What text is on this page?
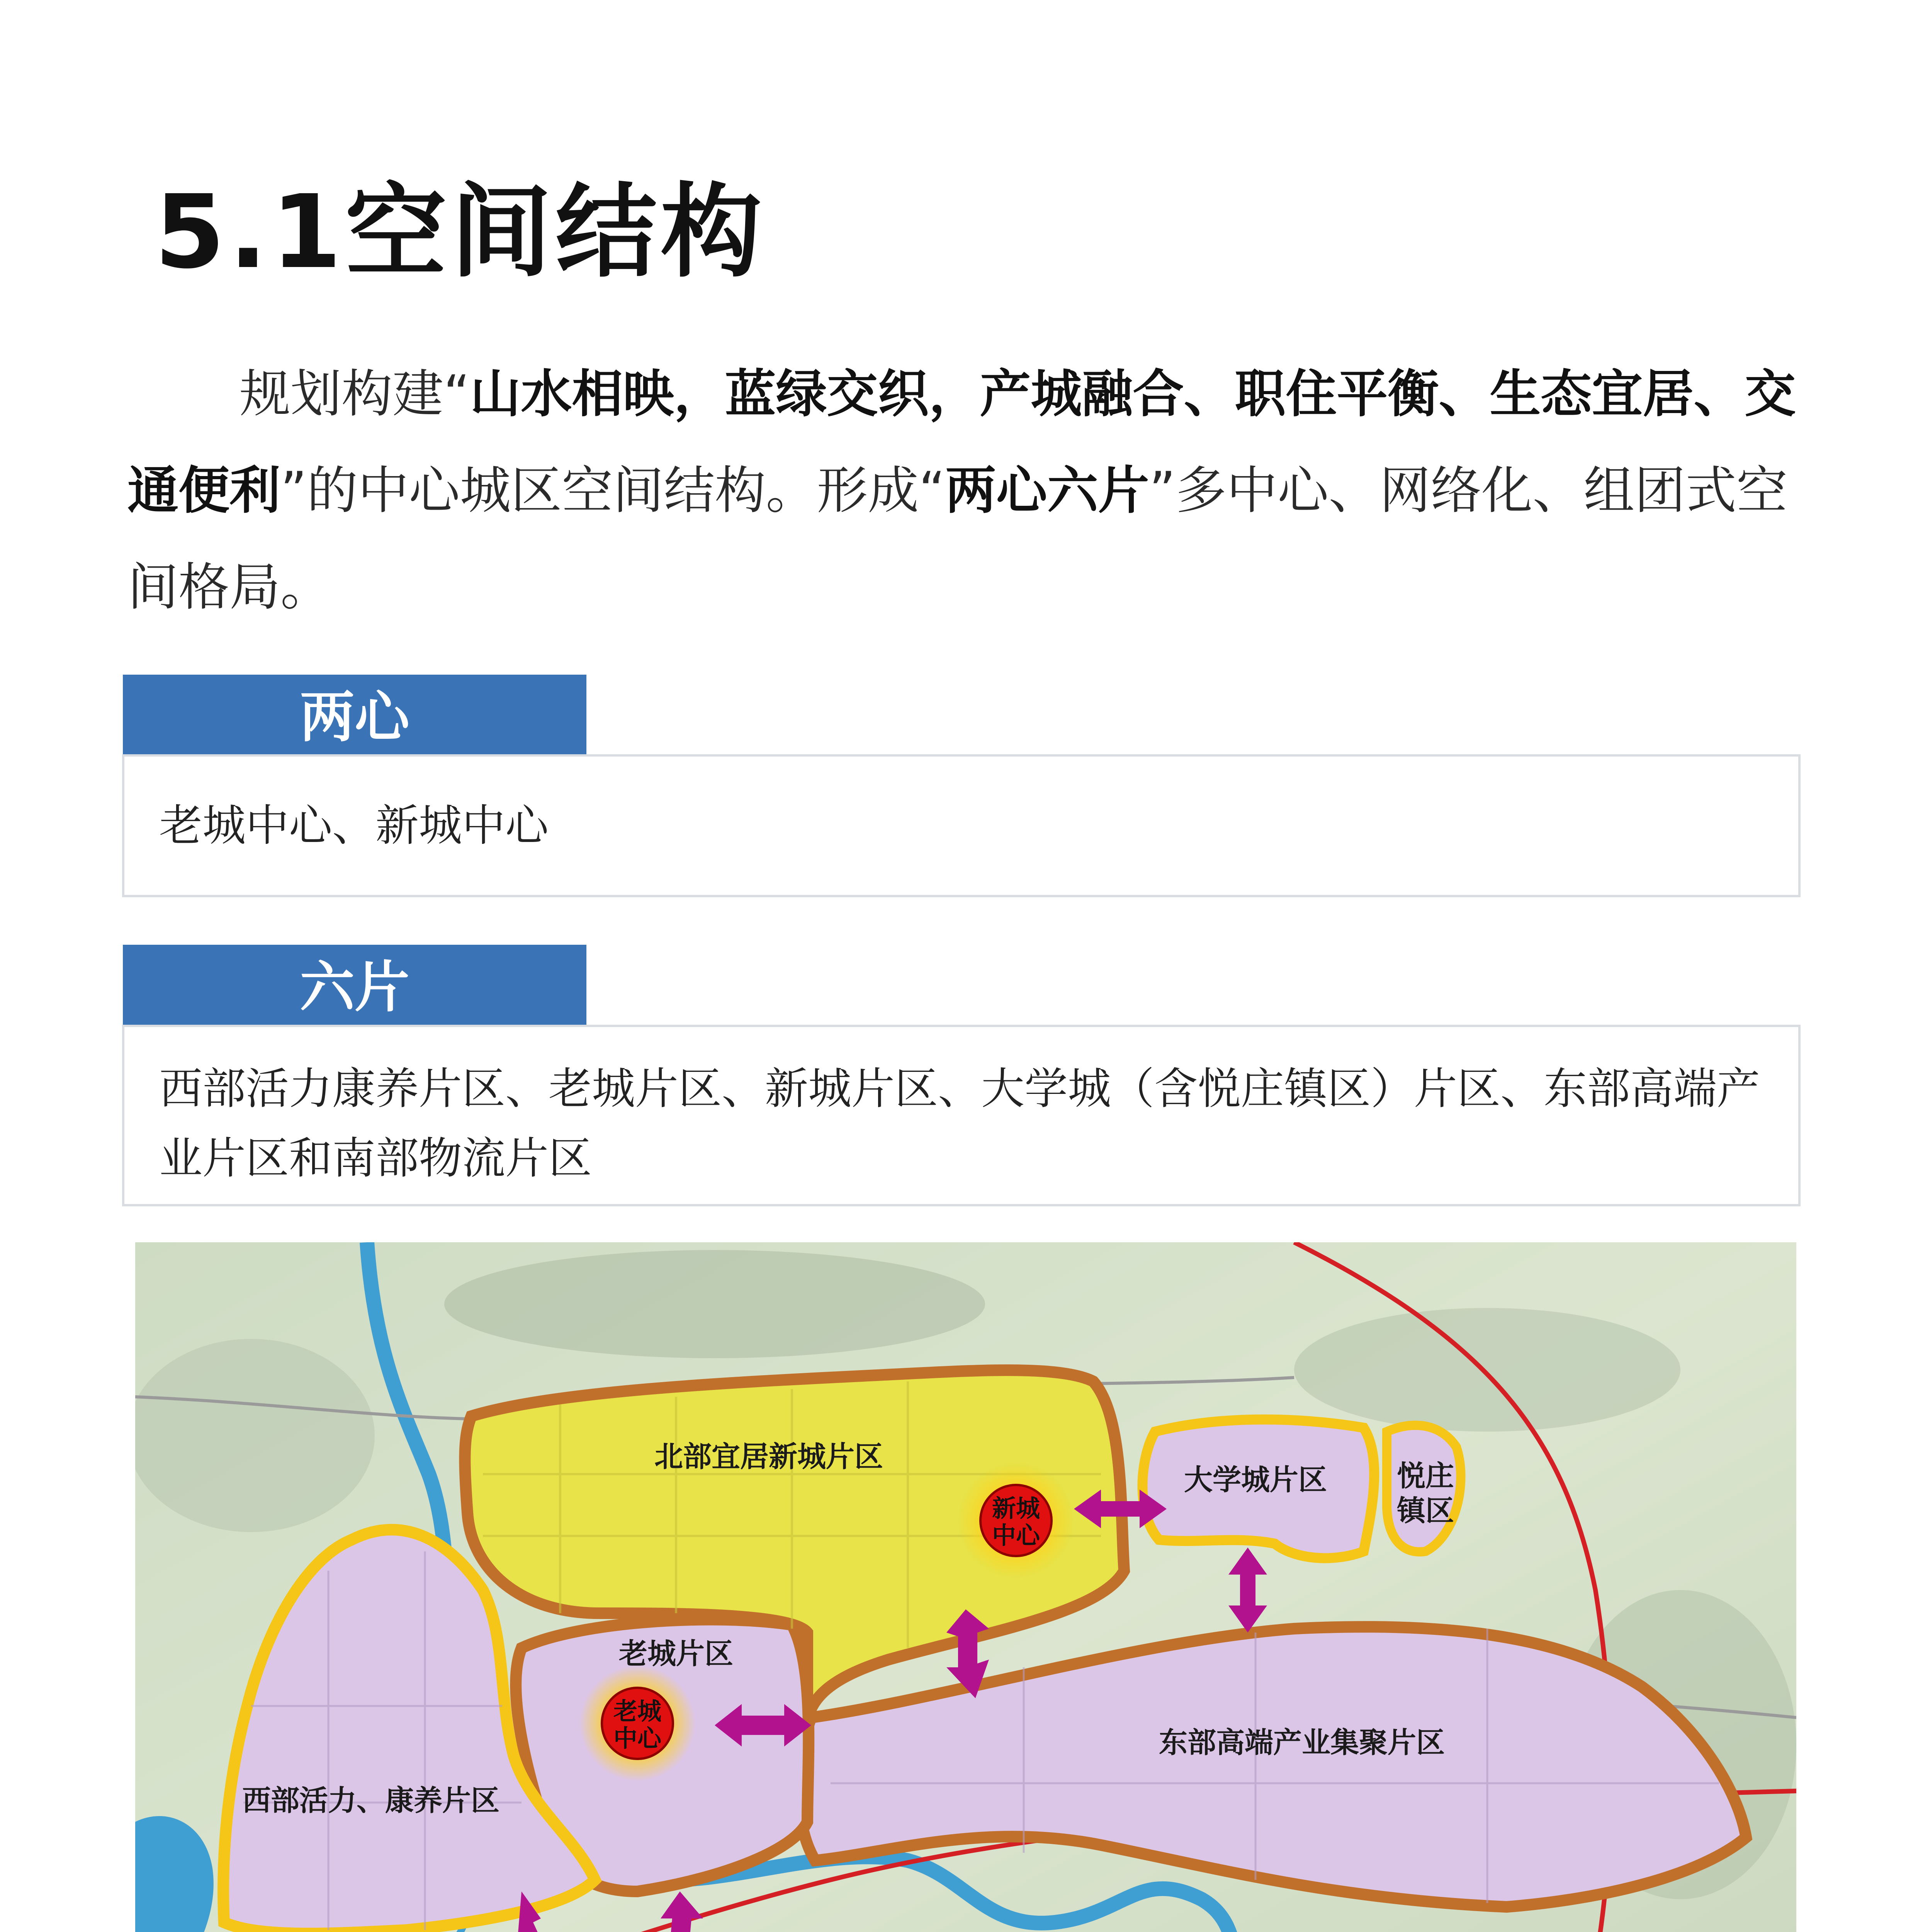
5.1空间结构

规划构建“山水相映，蓝绿交织，产城融合、职住平衡、生态宜居、交通便利”的中心城区空间结构。形成“两心六片”多中心、网络化、组团式空间格局。

两心
老城中心、新城中心
六片
西部活力康养片区、老城片区、新城片区、大学城（含悦庄镇区）片区、东部高端产业片区和南部物流片区
北部宜居新城片区
大学城片区 悦庄
镇区
东部高端产业集聚片区
老城片区
西部活力、康养片区
新城
中心
老城
中心
